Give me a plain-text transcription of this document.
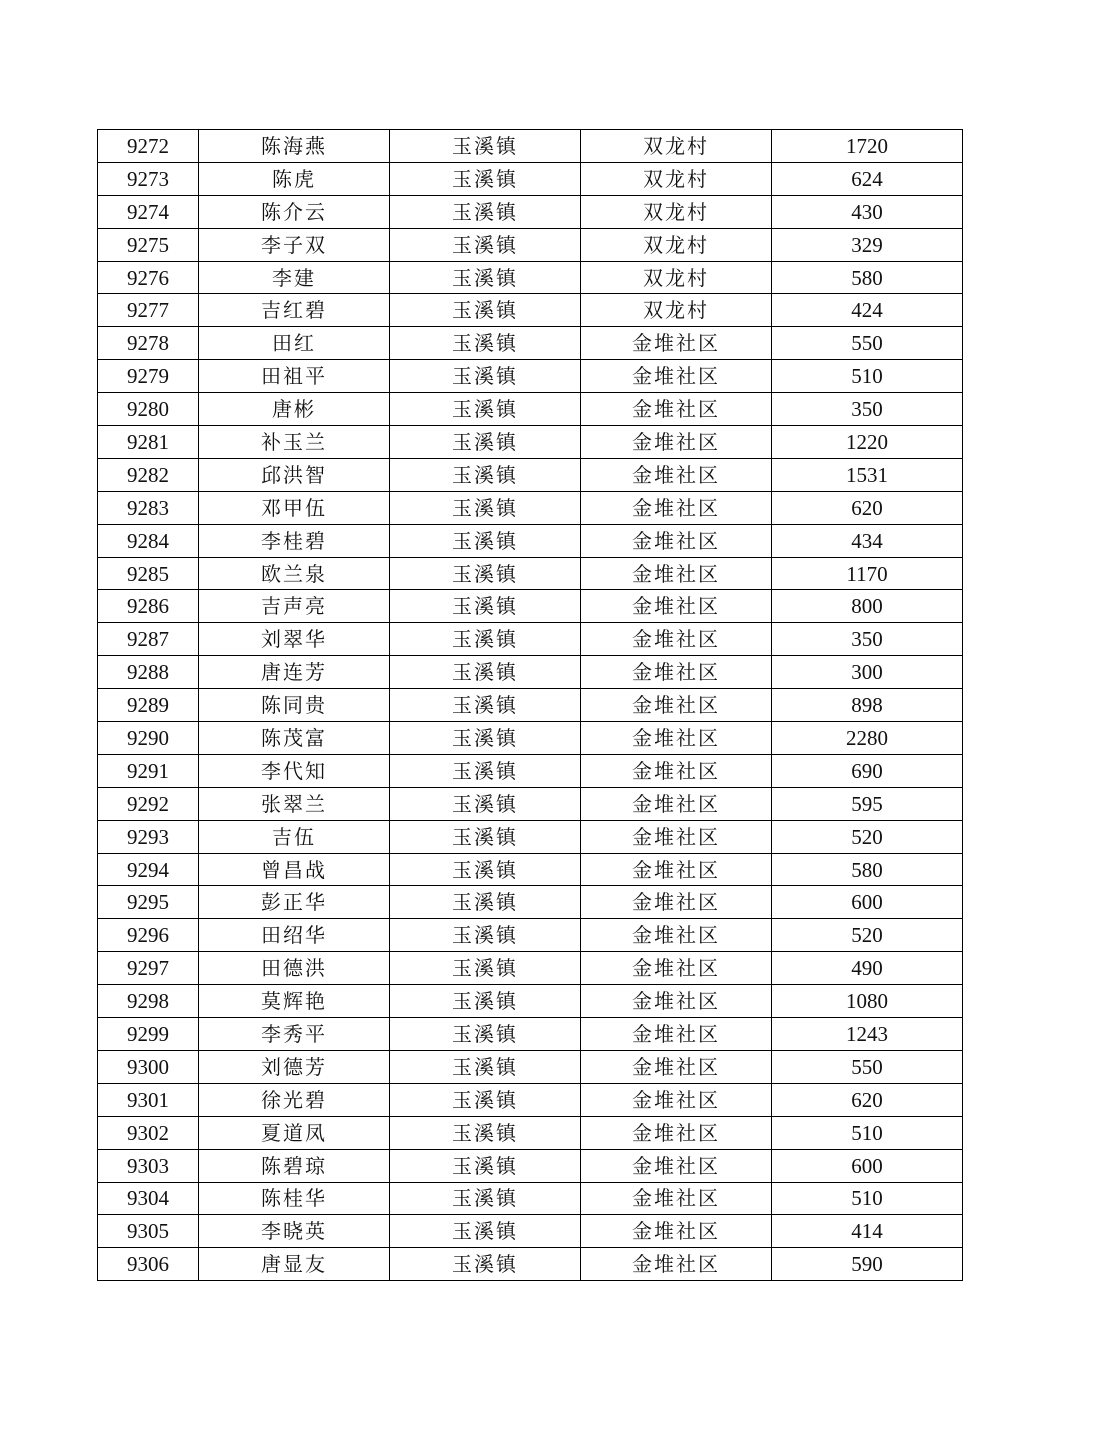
9272	陈海燕	玉溪镇	双龙村	1720
9273	陈虎	玉溪镇	双龙村	624
9274	陈介云	玉溪镇	双龙村	430
9275	李子双	玉溪镇	双龙村	329
9276	李建	玉溪镇	双龙村	580
9277	吉红碧	玉溪镇	双龙村	424
9278	田红	玉溪镇	金堆社区	550
9279	田祖平	玉溪镇	金堆社区	510
9280	唐彬	玉溪镇	金堆社区	350
9281	补玉兰	玉溪镇	金堆社区	1220
9282	邱洪智	玉溪镇	金堆社区	1531
9283	邓甲伍	玉溪镇	金堆社区	620
9284	李桂碧	玉溪镇	金堆社区	434
9285	欧兰泉	玉溪镇	金堆社区	1170
9286	吉声亮	玉溪镇	金堆社区	800
9287	刘翠华	玉溪镇	金堆社区	350
9288	唐连芳	玉溪镇	金堆社区	300
9289	陈同贵	玉溪镇	金堆社区	898
9290	陈茂富	玉溪镇	金堆社区	2280
9291	李代知	玉溪镇	金堆社区	690
9292	张翠兰	玉溪镇	金堆社区	595
9293	吉伍	玉溪镇	金堆社区	520
9294	曾昌战	玉溪镇	金堆社区	580
9295	彭正华	玉溪镇	金堆社区	600
9296	田绍华	玉溪镇	金堆社区	520
9297	田德洪	玉溪镇	金堆社区	490
9298	莫辉艳	玉溪镇	金堆社区	1080
9299	李秀平	玉溪镇	金堆社区	1243
9300	刘德芳	玉溪镇	金堆社区	550
9301	徐光碧	玉溪镇	金堆社区	620
9302	夏道凤	玉溪镇	金堆社区	510
9303	陈碧琼	玉溪镇	金堆社区	600
9304	陈桂华	玉溪镇	金堆社区	510
9305	李晓英	玉溪镇	金堆社区	414
9306	唐显友	玉溪镇	金堆社区	590
